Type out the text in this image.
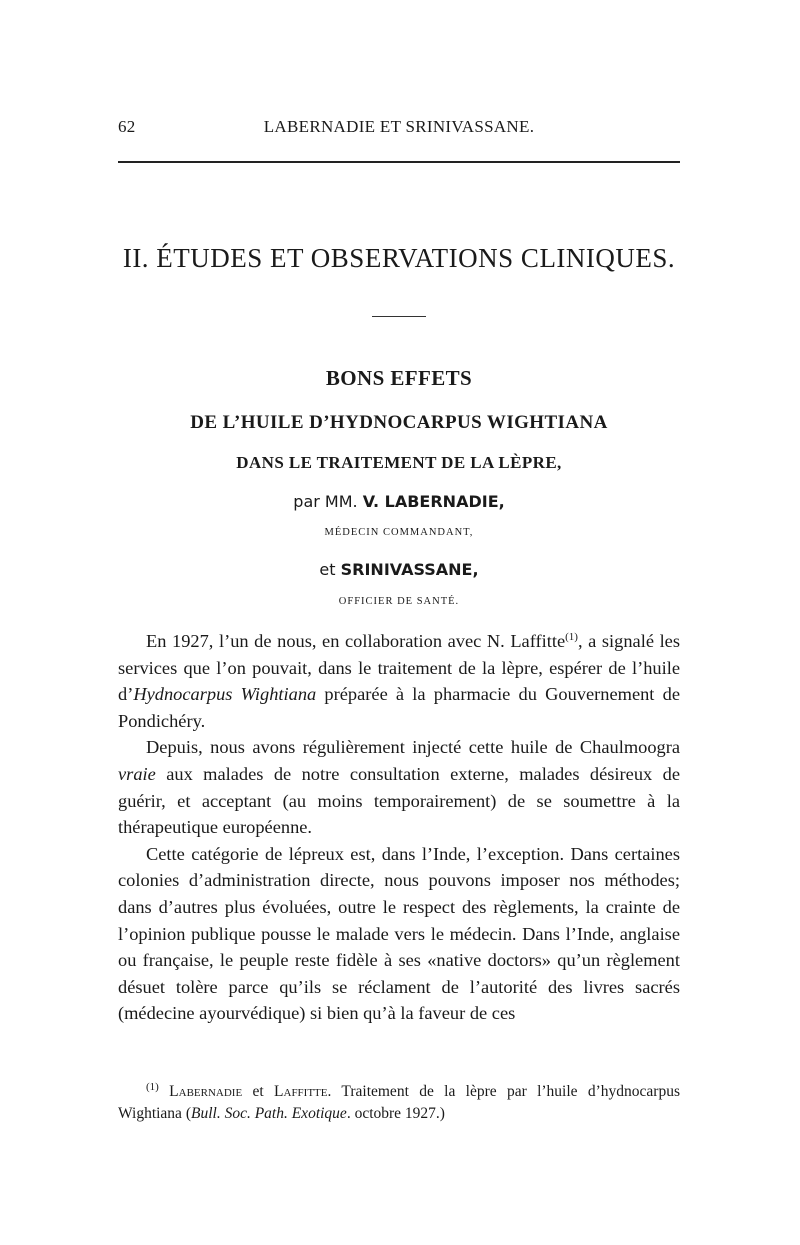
62	LABERNADIE ET SRINIVASSANE.
II. ÉTUDES ET OBSERVATIONS CLINIQUES.
BONS EFFETS
DE L’HUILE D’HYDNOCARPUS WIGHTIANA
DANS LE TRAITEMENT DE LA LÈPRE,
par MM. V. LABERNADIE,
MÉDECIN COMMANDANT,
et SRINIVASSANE,
OFFICIER DE SANTÉ.

En 1927, l’un de nous, en collaboration avec N. Laffitte$^{(1)}$, a signalé les services que l’on pouvait, dans le traitement de la lèpre, espérer de l’huile d’Hydnocarpus Wightiana préparée à la pharmacie du Gouvernement de Pondichéry.

Depuis, nous avons régulièrement injecté cette huile de Chaulmoogra vraie aux malades de notre consultation externe, malades désireux de guérir, et acceptant (au moins temporairement) de se soumettre à la thérapeutique européenne.

Cette catégorie de lépreux est, dans l’Inde, l’exception. Dans certaines colonies d’administration directe, nous pouvons imposer nos méthodes; dans d’autres plus évoluées, outre le respect des règlements, la crainte de l’opinion publique pousse le malade vers le médecin. Dans l’Inde, anglaise ou française, le peuple reste fidèle à ses «native doctors» qu’un règlement désuet tolère parce qu’ils se réclament de l’autorité des livres sacrés (médecine ayourvédique) si bien qu’à la faveur de ces

$^{(1)}$ Labernadie et Laffitte. Traitement de la lèpre par l’huile d’hydnocarpus Wightiana (Bull. Soc. Path. Exotique. octobre 1927.)
